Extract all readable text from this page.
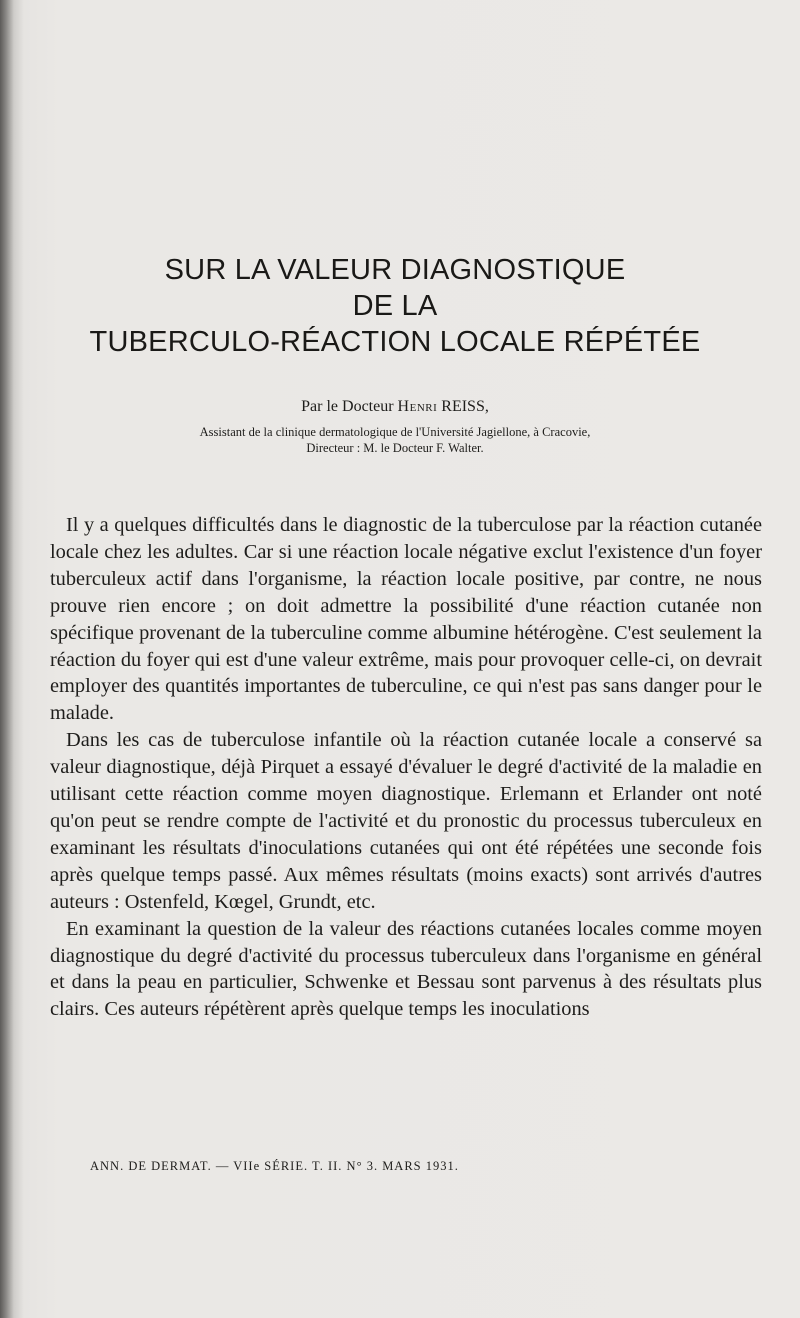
SUR LA VALEUR DIAGNOSTIQUE
DE LA
TUBERCULO-RÉACTION LOCALE RÉPÉTÉE
Par le Docteur Henri REISS,
Assistant de la clinique dermatologique de l'Université Jagiellone, à Cracovie,
Directeur : M. le Docteur F. Walter.

Il y a quelques difficultés dans le diagnostic de la tuberculose par la réaction cutanée locale chez les adultes. Car si une réaction locale négative exclut l'existence d'un foyer tuberculeux actif dans l'organisme, la réaction locale positive, par contre, ne nous prouve rien encore ; on doit admettre la possibilité d'une réaction cutanée non spécifique provenant de la tuberculine comme albumine hétérogène. C'est seulement la réaction du foyer qui est d'une valeur extrême, mais pour provoquer celle-ci, on devrait employer des quantités importantes de tuberculine, ce qui n'est pas sans danger pour le malade.

Dans les cas de tuberculose infantile où la réaction cutanée locale a conservé sa valeur diagnostique, déjà Pirquet a essayé d'évaluer le degré d'activité de la maladie en utilisant cette réaction comme moyen diagnostique. Erlemann et Erlander ont noté qu'on peut se rendre compte de l'activité et du pronostic du processus tuberculeux en examinant les résultats d'inoculations cutanées qui ont été répétées une seconde fois après quelque temps passé. Aux mêmes résultats (moins exacts) sont arrivés d'autres auteurs : Ostenfeld, Kœgel, Grundt, etc.

En examinant la question de la valeur des réactions cutanées locales comme moyen diagnostique du degré d'activité du processus tuberculeux dans l'organisme en général et dans la peau en particulier, Schwenke et Bessau sont parvenus à des résultats plus clairs. Ces auteurs répétèrent après quelque temps les inoculations

ANN. DE DERMAT. — VIIe SÉRIE. T. II. N° 3. MARS 1931.
